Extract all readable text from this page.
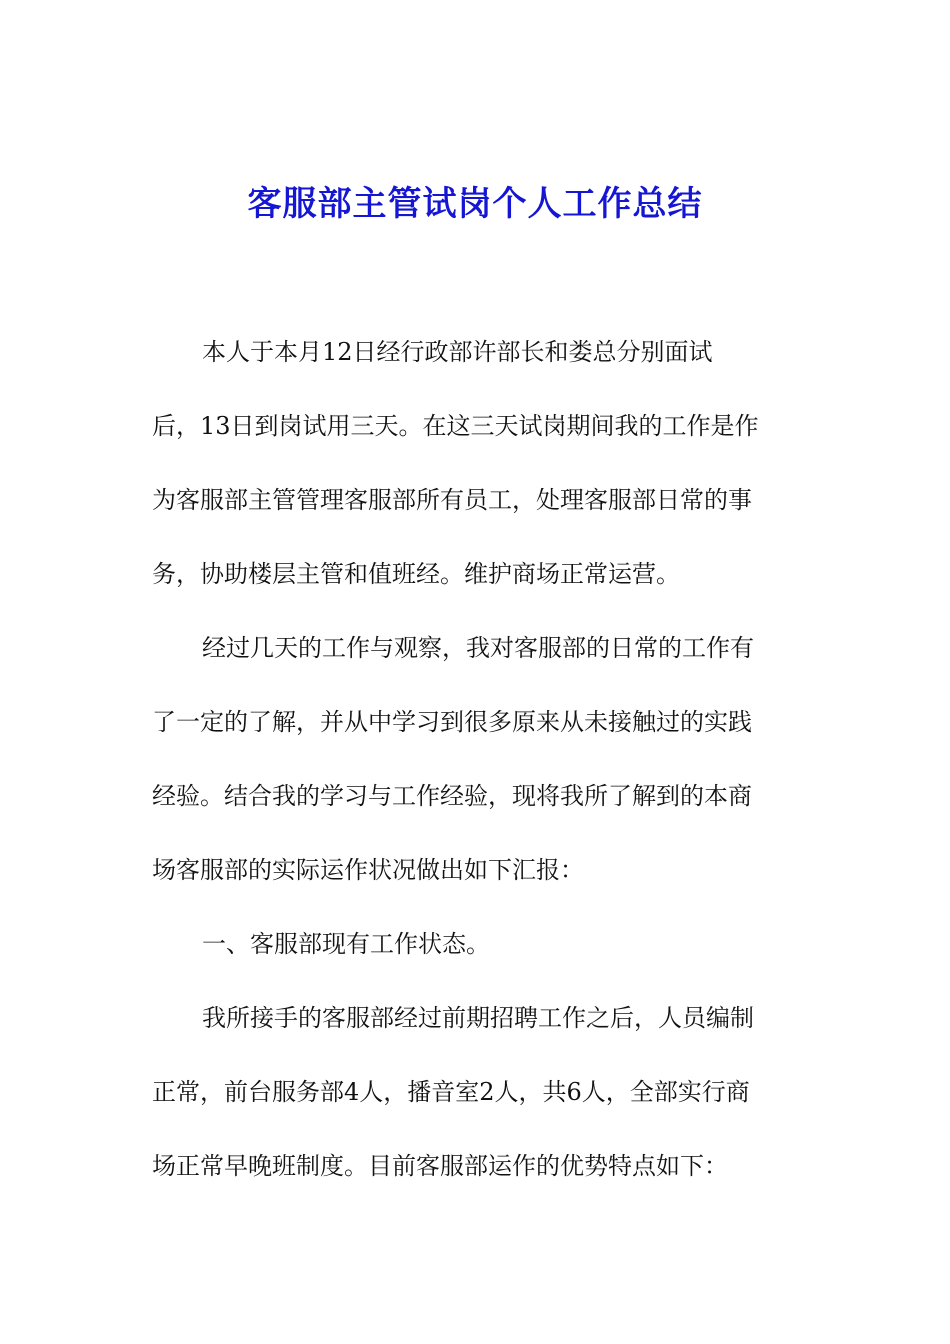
客服部主管试岗个人工作总结
本人于本月12日经行政部许部长和娄总分别面试
后，13日到岗试用三天。在这三天试岗期间我的工作是作
为客服部主管管理客服部所有员工，处理客服部日常的事
务，协助楼层主管和值班经。维护商场正常运营。
经过几天的工作与观察，我对客服部的日常的工作有
了一定的了解，并从中学习到很多原来从未接触过的实践
经验。结合我的学习与工作经验，现将我所了解到的本商
场客服部的实际运作状况做出如下汇报：
一、客服部现有工作状态。
我所接手的客服部经过前期招聘工作之后，人员编制
正常，前台服务部4人，播音室2人，共6人，全部实行商
场正常早晚班制度。目前客服部运作的优势特点如下：
